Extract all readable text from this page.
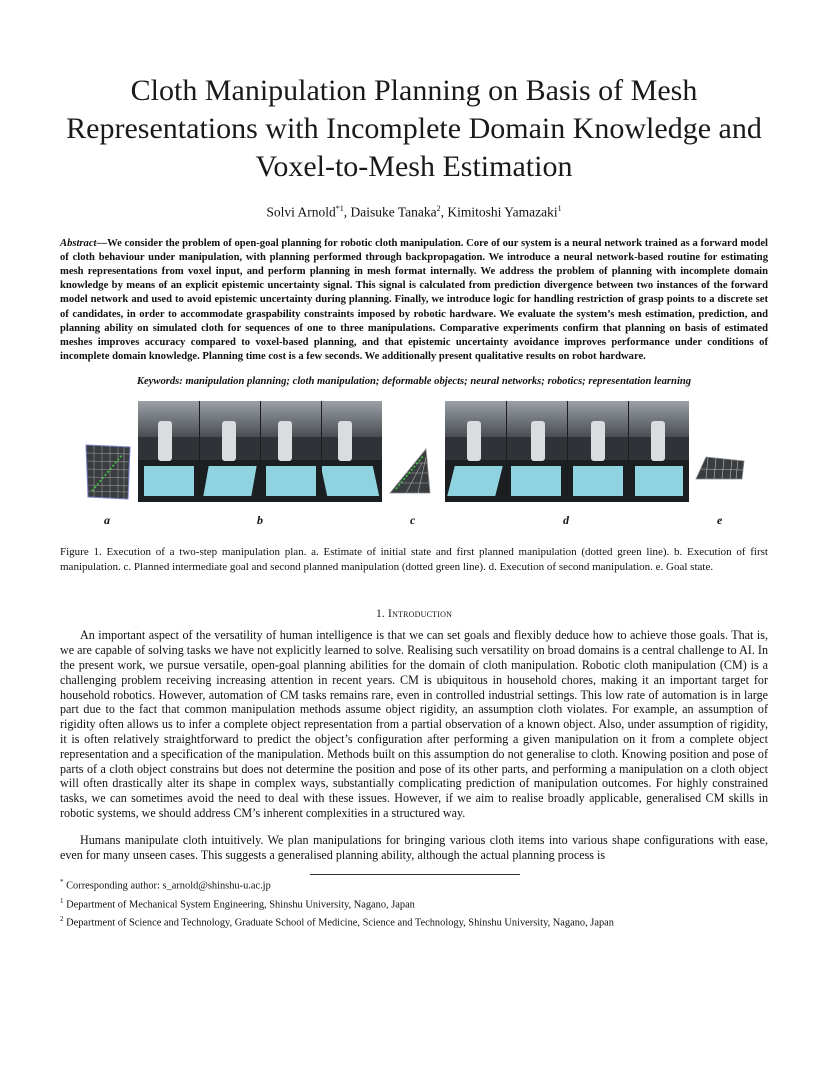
Cloth Manipulation Planning on Basis of Mesh Representations with Incomplete Domain Knowledge and Voxel-to-Mesh Estimation
Solvi Arnold$^{*1}$, Daisuke Tanaka$^2$, Kimitoshi Yamazaki$^1$
Abstract—We consider the problem of open-goal planning for robotic cloth manipulation. Core of our system is a neural network trained as a forward model of cloth behaviour under manipulation, with planning performed through backpropagation. We introduce a neural network-based routine for estimating mesh representations from voxel input, and perform planning in mesh format internally. We address the problem of planning with incomplete domain knowledge by means of an explicit epistemic uncertainty signal. This signal is calculated from prediction divergence between two instances of the forward model network and used to avoid epistemic uncertainty during planning. Finally, we introduce logic for handling restriction of grasp points to a discrete set of candidates, in order to accommodate graspability constraints imposed by robotic hardware. We evaluate the system’s mesh estimation, prediction, and planning ability on simulated cloth for sequences of one to three manipulations. Comparative experiments confirm that planning on basis of estimated meshes improves accuracy compared to voxel-based planning, and that epistemic uncertainty avoidance improves performance under conditions of incomplete domain knowledge. Planning time cost is a few seconds. We additionally present qualitative results on robot hardware.
Keywords: manipulation planning; cloth manipulation; deformable objects; neural networks; robotics; representation learning
a	b	c	d	e
Figure 1. Execution of a two-step manipulation plan. a. Estimate of initial state and first planned manipulation (dotted green line). b. Execution of first manipulation. c. Planned intermediate goal and second planned manipulation (dotted green line). d. Execution of second manipulation. e. Goal state.
1. Introduction

An important aspect of the versatility of human intelligence is that we can set goals and flexibly deduce how to achieve those goals. That is, we are capable of solving tasks we have not explicitly learned to solve. Realising such versatility on broad domains is a central challenge to AI. In the present work, we pursue versatile, open-goal planning abilities for the domain of cloth manipulation. Robotic cloth manipulation (CM) is a challenging problem receiving increasing attention in recent years. CM is ubiquitous in household chores, making it an important target for household robotics. However, automation of CM tasks remains rare, even in controlled industrial settings. This low rate of automation is in large part due to the fact that common manipulation methods assume object rigidity, an assumption cloth violates. For example, an assumption of rigidity often allows us to infer a complete object representation from a partial observation of a known object. Also, under assumption of rigidity, it is often relatively straightforward to predict the object’s configuration after performing a given manipulation on it from a complete object representation and a specification of the manipulation. Methods built on this assumption do not generalise to cloth. Knowing position and pose of parts of a cloth object constrains but does not determine the position and pose of its other parts, and performing a manipulation on a cloth object will often drastically alter its shape in complex ways, substantially complicating prediction of manipulation outcomes. For highly constrained tasks, we can sometimes avoid the need to deal with these issues. However, if we aim to realise broadly applicable, generalised CM skills in robotic systems, we should address CM’s inherent complexities in a structured way.

Humans manipulate cloth intuitively. We plan manipulations for bringing various cloth items into various shape configurations with ease, even for many unseen cases. This suggests a generalised planning ability, although the actual planning process is

* Corresponding author: s_arnold@shinshu-u.ac.jp
$^1$ Department of Mechanical System Engineering, Shinshu University, Nagano, Japan
$^2$ Department of Science and Technology, Graduate School of Medicine, Science and Technology, Shinshu University, Nagano, Japan
